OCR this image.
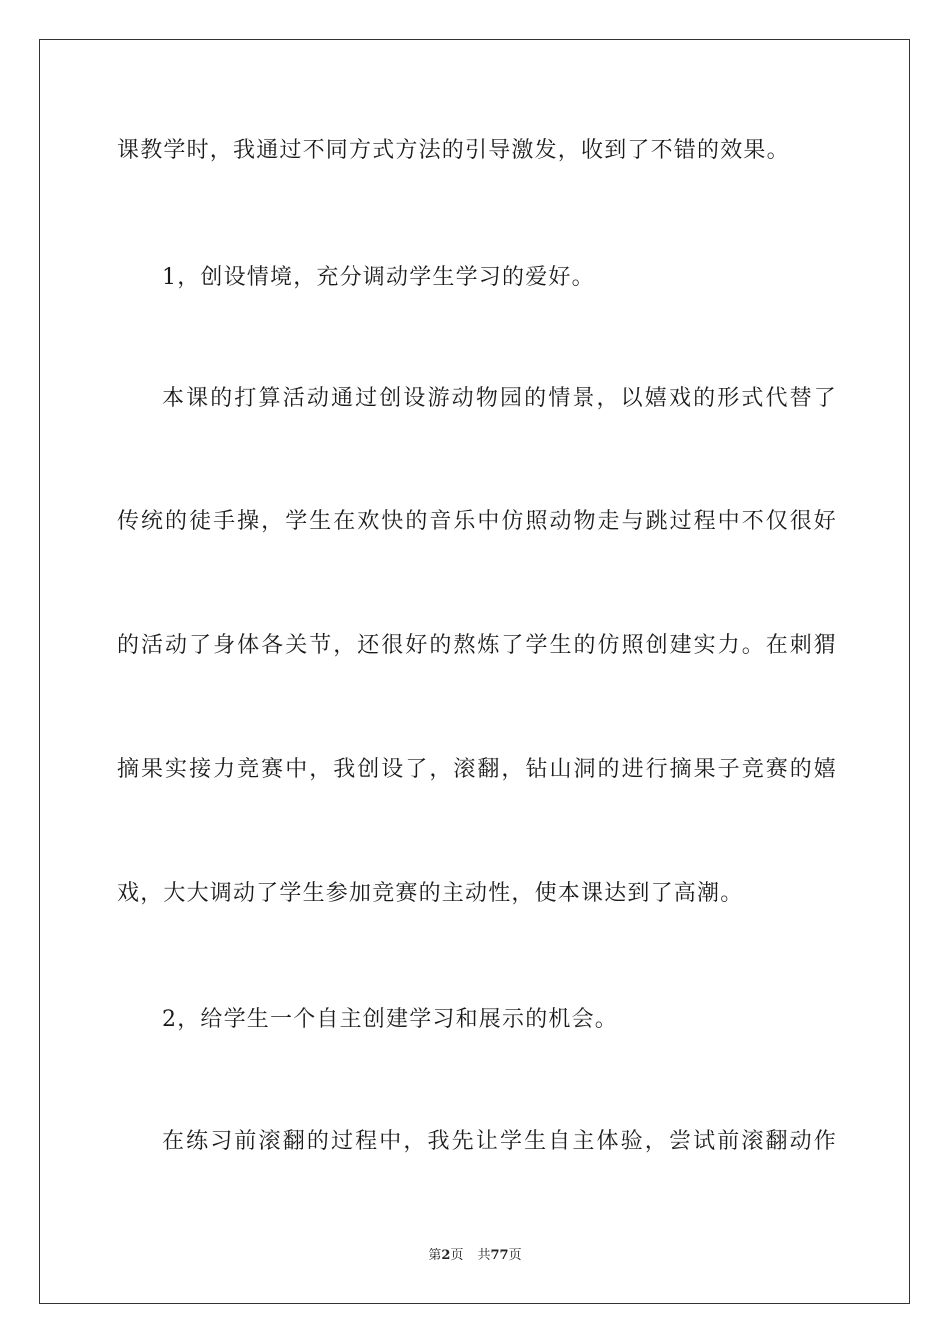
课教学时，我通过不同方式方法的引导激发，收到了不错的效果。
1，创设情境，充分调动学生学习的爱好。
本课的打算活动通过创设游动物园的情景，以嬉戏的形式代替了
传统的徒手操，学生在欢快的音乐中仿照动物走与跳过程中不仅很好
的活动了身体各关节，还很好的熬炼了学生的仿照创建实力。在刺猬
摘果实接力竞赛中，我创设了，滚翻，钻山洞的进行摘果子竞赛的嬉
戏，大大调动了学生参加竞赛的主动性，使本课达到了高潮。
2，给学生一个自主创建学习和展示的机会。
在练习前滚翻的过程中，我先让学生自主体验，尝试前滚翻动作
第2页 共77页
